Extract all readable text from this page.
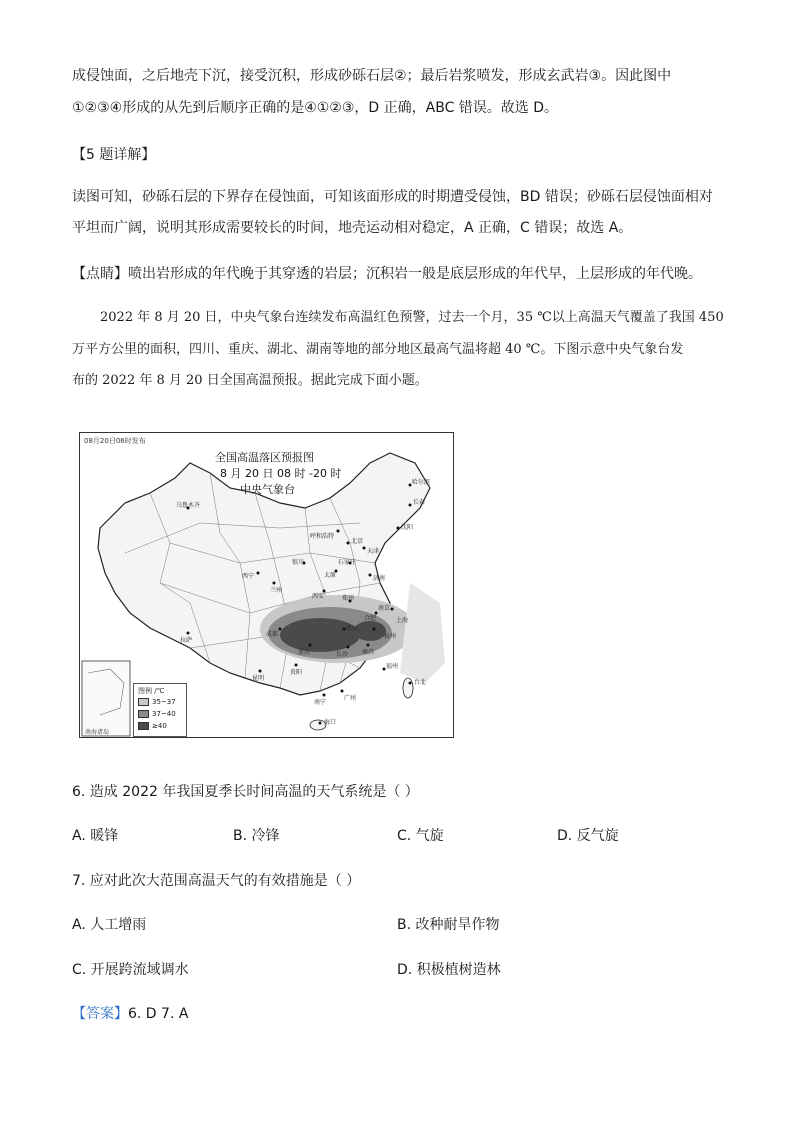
成侵蚀面，之后地壳下沉，接受沉积，形成砂砾石层②；最后岩浆喷发，形成玄武岩③。因此图中
①②③④形成的从先到后顺序正确的是④①②③，D 正确，ABC 错误。故选 D。
【5 题详解】
读图可知，砂砾石层的下界存在侵蚀面，可知该面形成的时期遭受侵蚀，BD 错误；砂砾石层侵蚀面相对
平坦而广阔，说明其形成需要较长的时间，地壳运动相对稳定，A 正确，C 错误；故选 A。
【点睛】喷出岩形成的年代晚于其穿透的岩层；沉积岩一般是底层形成的年代早，上层形成的年代晚。
2022 年 8 月 20 日，中央气象台连续发布高温红色预警，过去一个月，35 ℃以上高温天气覆盖了我国 450
万平方公里的面积，四川、重庆、湖北、湖南等地的部分地区最高气温将超 40 ℃。下图示意中央气象台发
布的 2022 年 8 月 20 日全国高温预报。据此完成下面小题。
08月20日06时发布
全国高温落区预报图
8 月 20 日 08 时 -20 时
中央气象台
乌鲁木齐
哈尔滨
长春
沈阳
呼和浩特
北京
天津
石家庄
太原	济南
银川
西宁
兰州
西安	郑州
南京
上海
合肥
武汉
成都
重庆	长沙 南昌
拉萨
贵阳
昆明
南宁
广州
福州
台北
海口
杭州
南海诸岛
图例 /℃
35~37
37~40
≥40
6. 造成 2022 年我国夏季长时间高温的天气系统是（ ）
A. 暖锋	B. 冷锋	C. 气旋	D. 反气旋
7. 应对此次大范围高温天气的有效措施是（ ）
A. 人工增雨	B. 改种耐旱作物
C. 开展跨流域调水	D. 积极植树造林
【答案】6. D 7. A
